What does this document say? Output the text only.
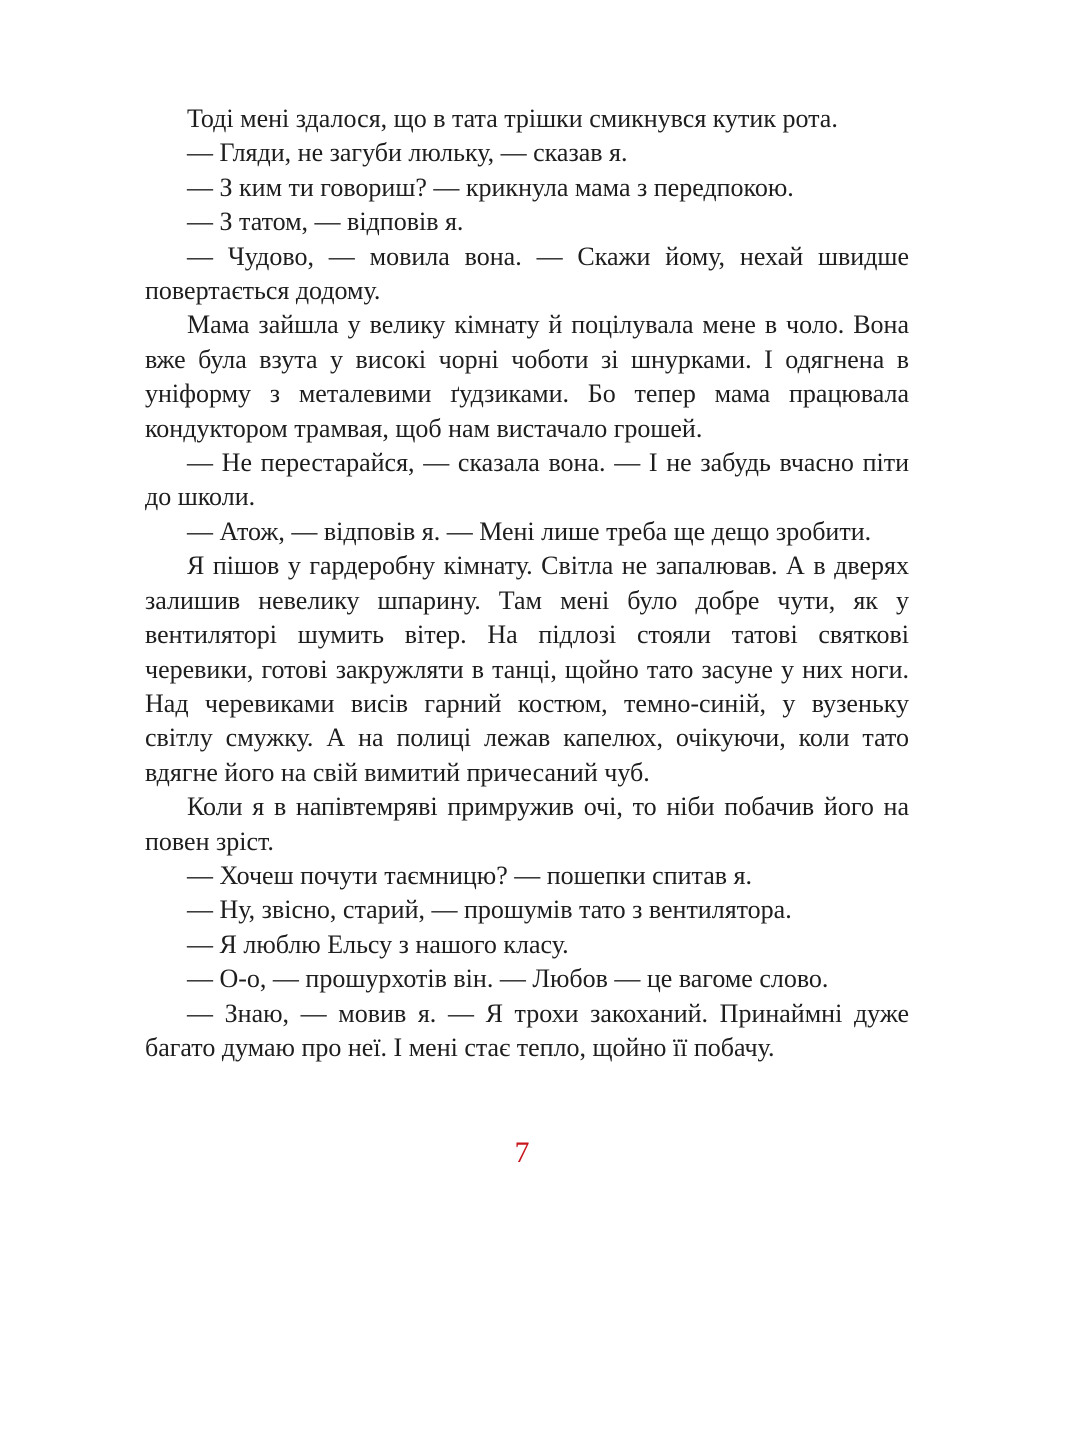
Тоді мені здалося, що в тата трішки смикнувся кутик рота.

— Гляди, не загуби люльку, — сказав я.

— З ким ти говориш? — крикнула мама з передпокою.

— З татом, — відповів я.

— Чудово, — мовила вона. — Скажи йому, нехай швидше повертається додому.

Мама зайшла у велику кімнату й поцілувала мене в чоло. Вона вже була взута у високі чорні чоботи зі шнурками. І одягнена в уніформу з металевими ґудзиками. Бо тепер мама працювала кондуктором трамвая, щоб нам вистачало грошей.

— Не перестарайся, — сказала вона. — І не забудь вчасно піти до школи.

— Атож, — відповів я. — Мені лише треба ще дещо зробити.

Я пішов у гардеробну кімнату. Світла не запалював. А в дверях залишив невелику шпарину. Там мені було добре чути, як у вентиляторі шумить вітер. На підлозі стояли татові святкові черевики, готові закружляти в танці, щойно тато засуне у них ноги. Над черевиками висів гарний костюм, темно-синій, у вузеньку світлу смужку. А на полиці лежав капелюх, очікуючи, коли тато вдягне його на свій вимитий причесаний чуб.

Коли я в напівтемряві примружив очі, то ніби побачив його на повен зріст.

— Хочеш почути таємницю? — пошепки спитав я.

— Ну, звісно, старий, — прошумів тато з вентилятора.

— Я люблю Ельсу з нашого класу.

— О-о, — прошурхотів він. — Любов — це вагоме слово.

— Знаю, — мовив я. — Я трохи закоханий. Принаймні дуже багато думаю про неї. І мені стає тепло, щойно її побачу.

7
